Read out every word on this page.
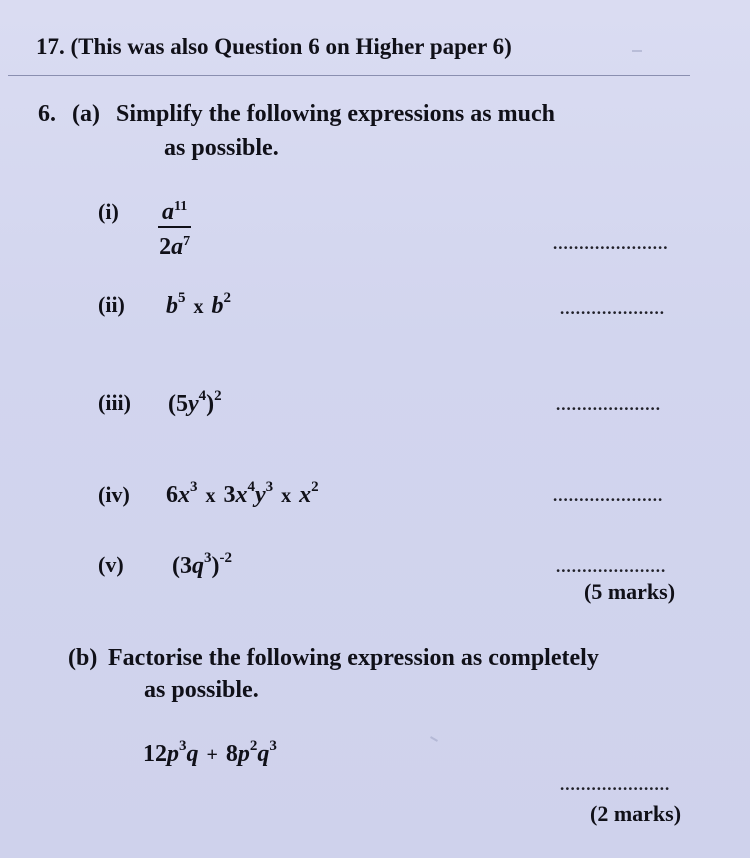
17. (This was also Question 6 on Higher paper 6)
6. (a) Simplify the following expressions as much
as possible.
$(i) \frac{a^{11}}{2a^7}$	......................
(ii) $b^5$ x $b^2$
....................
(iii) $(5y^4)^2$	....................
(iv) $6x^3$ x $3x^4y^3$ x $x^2$	.....................
(v) $(3q^3)^{-2}$	.....................
(5 marks)
(b) Factorise the following expression as completely
as possible.
$12p^3q + 8p^2q^3$
.....................
(2 marks)
